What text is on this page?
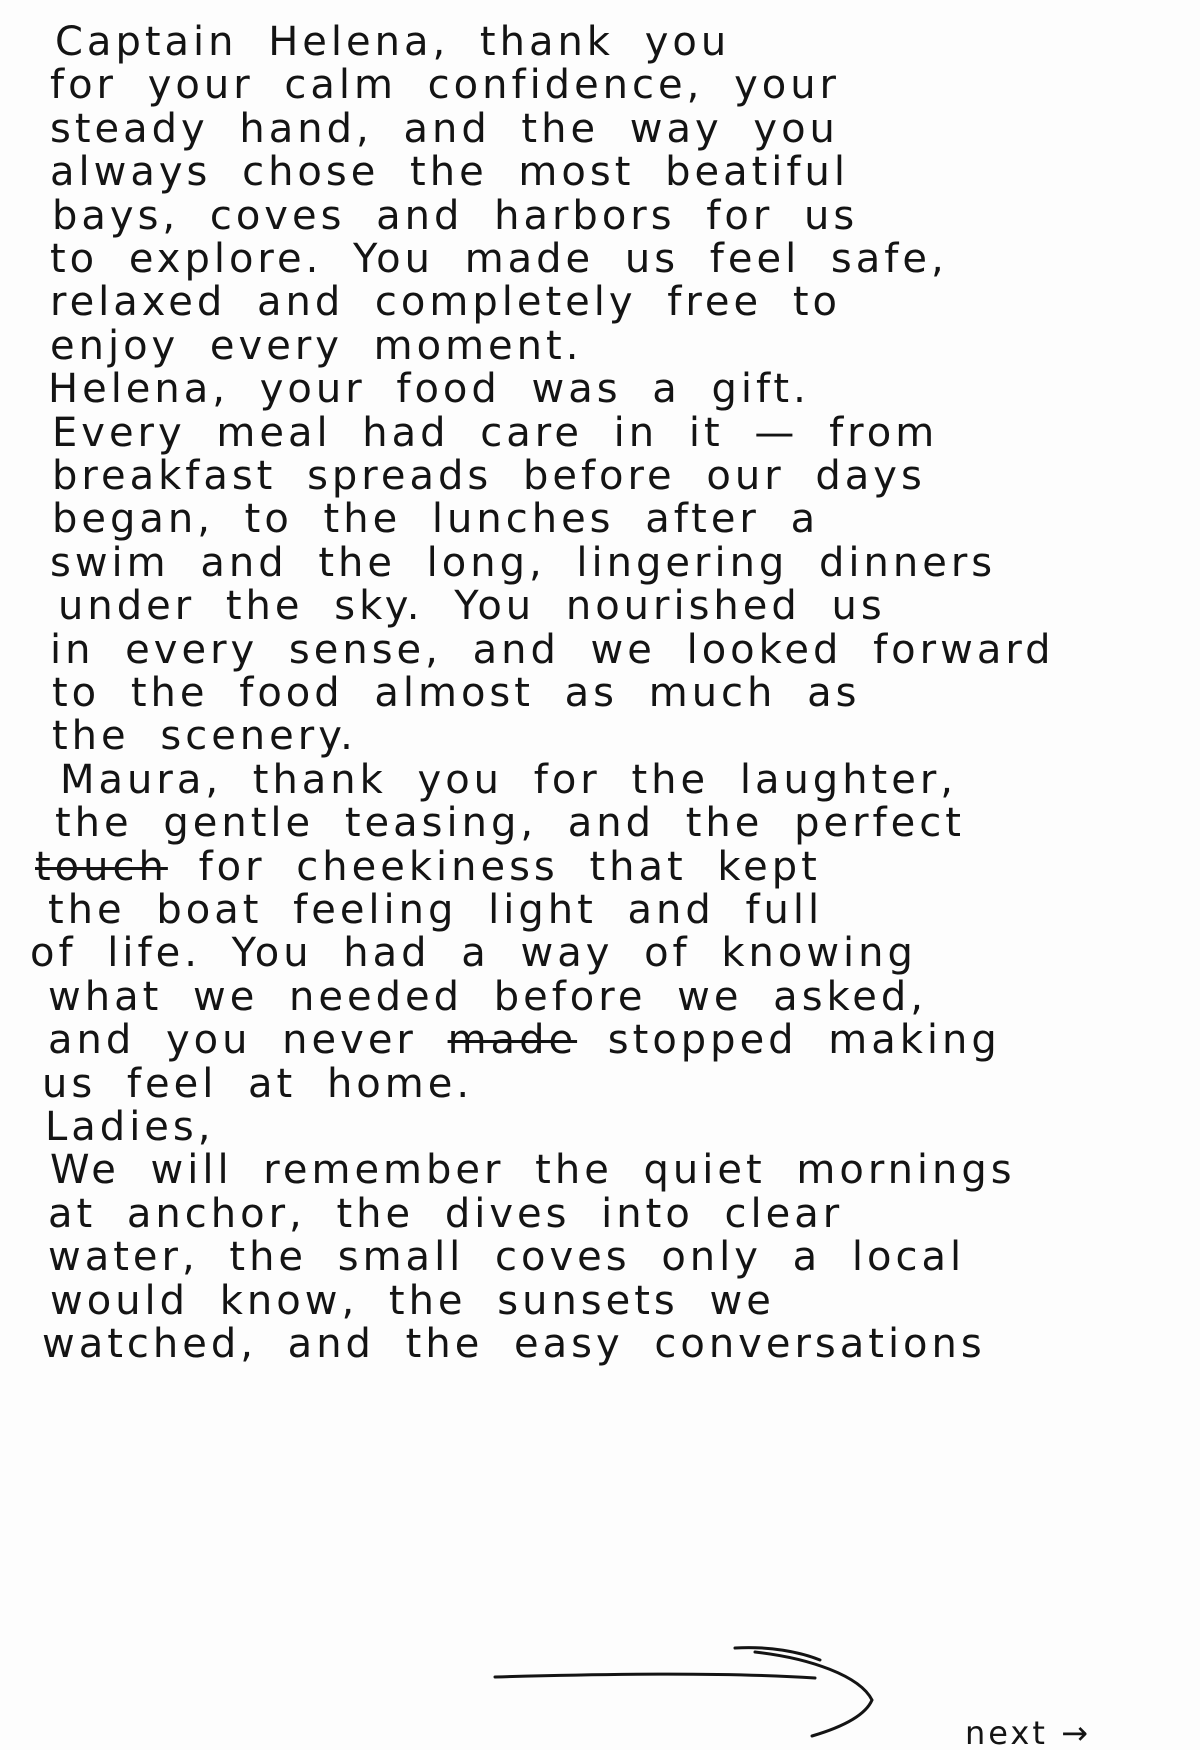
Captain Helena, thank you
for your calm confidence, your
steady hand, and the way you
always chose the most beatiful
bays, coves and harbors for us
to explore. You made us feel safe,
relaxed and completely free to
enjoy every moment.
Helena, your food was a gift.
Every meal had care in it — from
breakfast spreads before our days
began, to the lunches after a
swim and the long, lingering dinners
under the sky. You nourished us
in every sense, and we looked forward
to the food almost as much as
the scenery.
Maura, thank you for the laughter,
the gentle teasing, and the perfect
touch for cheekiness that kept
the boat feeling light and full
of life. You had a way of knowing
what we needed before we asked,
and you never made stopped making
us feel at home.
Ladies,
We will remember the quiet mornings
at anchor, the dives into clear
water, the small coves only a local
would know, the sunsets we
watched, and the easy conversations
next →
